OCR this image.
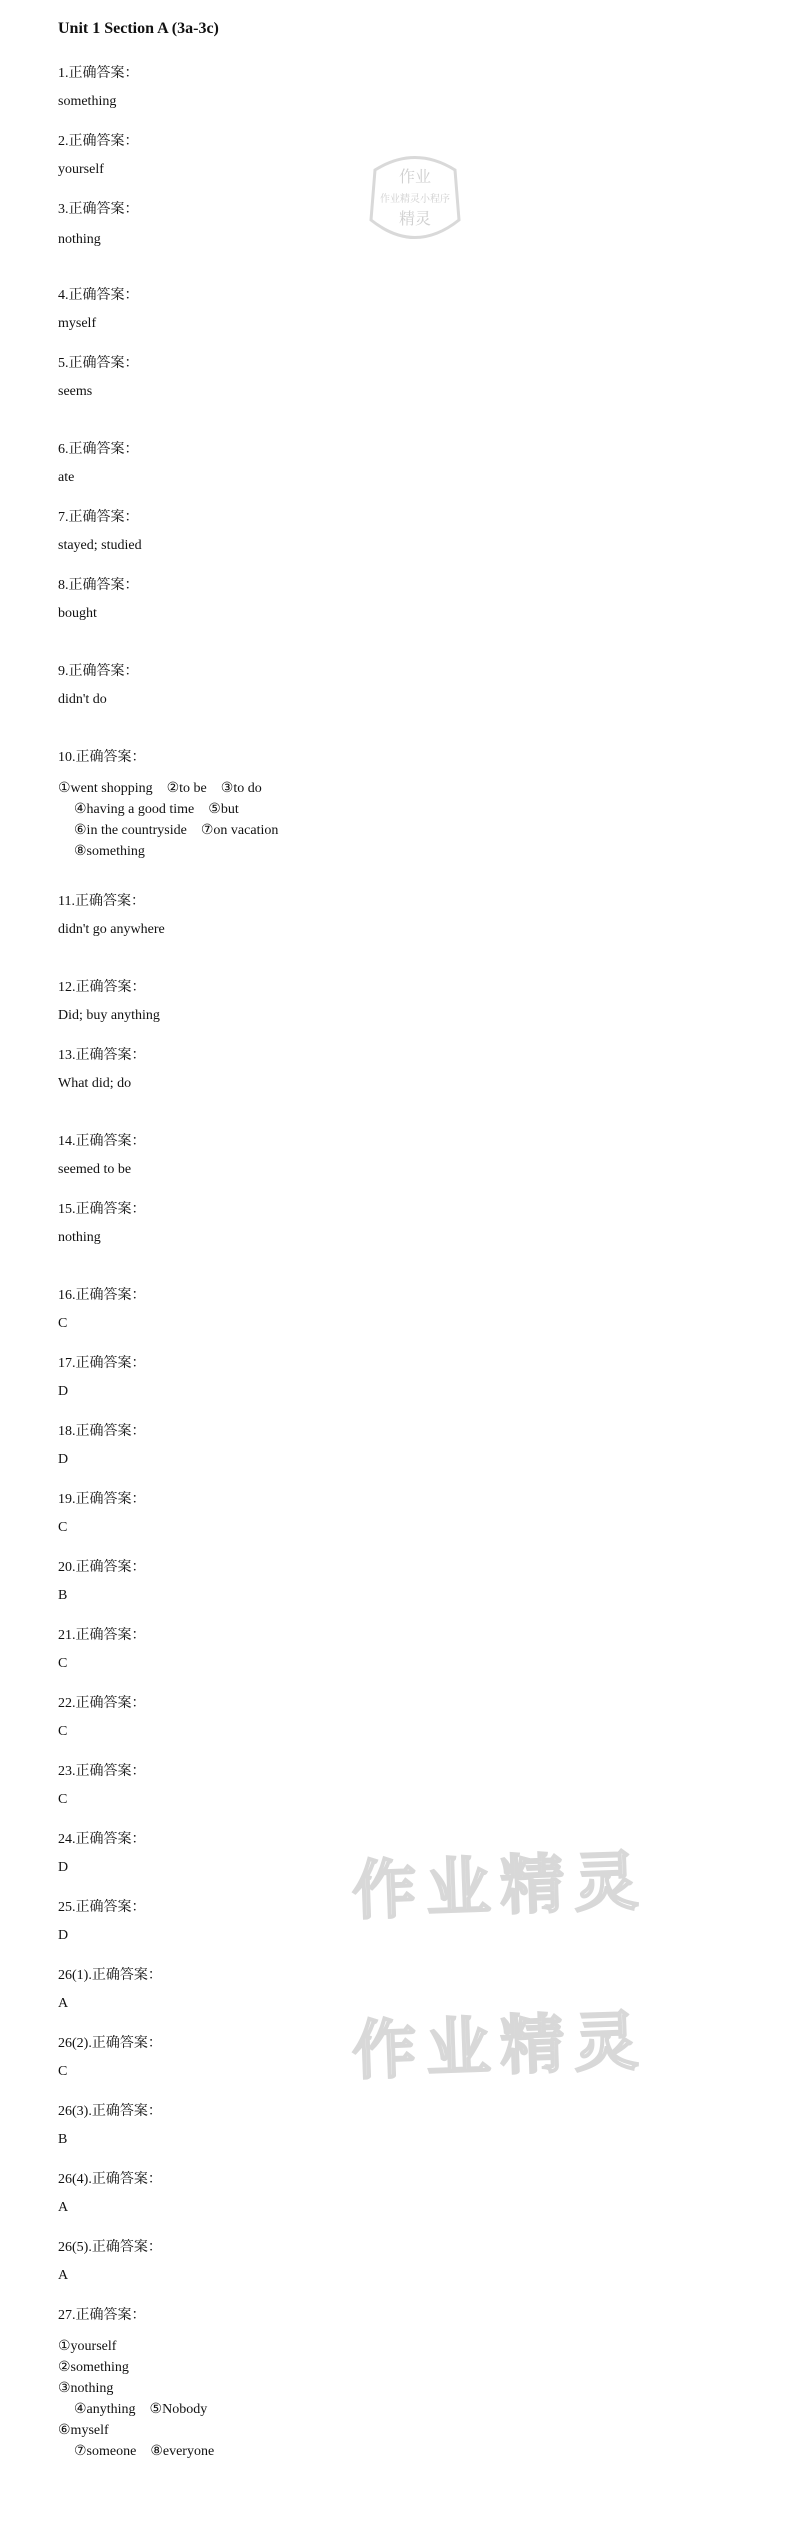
Unit 1 Section A (3a-3c)
1.正确答案：
something
2.正确答案：
yourself
3.正确答案：
nothing
4.正确答案：
myself
5.正确答案：
seems
6.正确答案：
ate
7.正确答案：
stayed; studied
8.正确答案：
bought
9.正确答案：
didn't do
10.正确答案：
①went shopping ②to be ③to do
④having a good time ⑤but
⑥in the countryside ⑦on vacation
⑧something
11.正确答案：
didn't go anywhere
12.正确答案：
Did; buy anything
13.正确答案：
What did; do
14.正确答案：
seemed to be
15.正确答案：
nothing
16.正确答案：
C
17.正确答案：
D
18.正确答案：
D
19.正确答案：
C
20.正确答案：
B
21.正确答案：
C
22.正确答案：
C
23.正确答案：
C
24.正确答案：
D
25.正确答案：
D
26(1).正确答案：
A
26(2).正确答案：
C
26(3).正确答案：
B
26(4).正确答案：
A
26(5).正确答案：
A
27.正确答案：
①yourself
②something
③nothing
④anything ⑤Nobody
⑥myself
⑦someone ⑧everyone
作业
作业精灵小程序
精灵
作业精灵
作业精灵
